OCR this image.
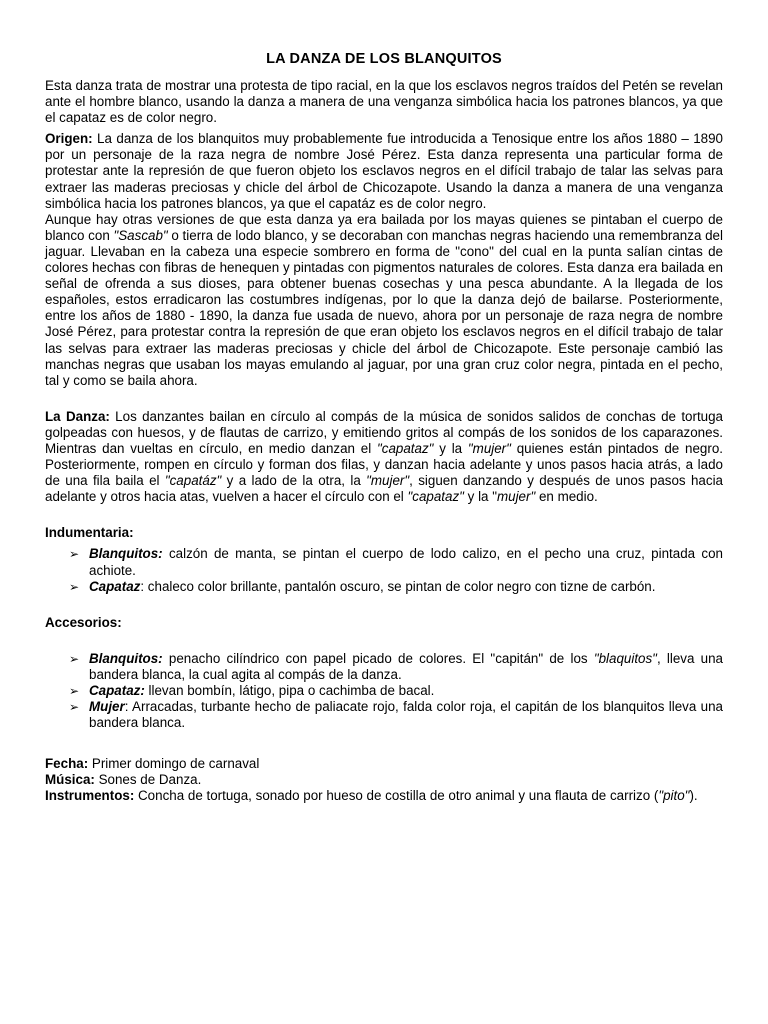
LA DANZA DE LOS BLANQUITOS

Esta danza trata de mostrar una protesta de tipo racial, en la que los esclavos negros traídos del Petén se revelan ante el hombre blanco, usando la danza a manera de una venganza simbólica hacia los patrones blancos, ya que el capataz es de color negro.

Origen: La danza de los blanquitos muy probablemente fue introducida a Tenosique entre los años 1880 – 1890 por un personaje de la raza negra de nombre José Pérez. Esta danza representa una particular forma de protestar ante la represión de que fueron objeto los esclavos negros en el difícil trabajo de talar las selvas para extraer las maderas preciosas y chicle del árbol de Chicozapote. Usando la danza a manera de una venganza simbólica hacia los patrones blancos, ya que el capatáz es de color negro.

Aunque hay otras versiones de que esta danza ya era bailada por los mayas quienes se pintaban el cuerpo de blanco con "Sascab" o tierra de lodo blanco, y se decoraban con manchas negras haciendo una remembranza del jaguar. Llevaban en la cabeza una especie sombrero en forma de "cono" del cual en la punta salían cintas de colores hechas con fibras de henequen y pintadas con pigmentos naturales de colores. Esta danza era bailada en señal de ofrenda a sus dioses, para obtener buenas cosechas y una pesca abundante. A la llegada de los españoles, estos erradicaron las costumbres indígenas, por lo que la danza dejó de bailarse. Posteriormente, entre los años de 1880 - 1890, la danza fue usada de nuevo, ahora por un personaje de raza negra de nombre José Pérez, para protestar contra la represión de que eran objeto los esclavos negros en el difícil trabajo de talar las selvas para extraer las maderas preciosas y chicle del árbol de Chicozapote. Este personaje cambió las manchas negras que usaban los mayas emulando al jaguar, por una gran cruz color negra, pintada en el pecho, tal y como se baila ahora.

La Danza: Los danzantes bailan en círculo al compás de la música de sonidos salidos de conchas de tortuga golpeadas con huesos, y de flautas de carrizo, y emitiendo gritos al compás de los sonidos de los caparazones. Mientras dan vueltas en círculo, en medio danzan el "capataz" y la "mujer" quienes están pintados de negro. Posteriormente, rompen en círculo y forman dos filas, y danzan hacia adelante y unos pasos hacia atrás, a lado de una fila baila el "capatáz" y a lado de la otra, la "mujer", siguen danzando y después de unos pasos hacia adelante y otros hacia atas, vuelven a hacer el círculo con el "capataz" y la "mujer" en medio.

Indumentaria:

➢ Blanquitos: calzón de manta, se pintan el cuerpo de lodo calizo, en el pecho una cruz, pintada con achiote.
➢ Capataz: chaleco color brillante, pantalón oscuro, se pintan de color negro con tizne de carbón.

Accesorios:

➢ Blanquitos: penacho cilíndrico con papel picado de colores. El "capitán" de los "blaquitos", lleva una bandera blanca, la cual agita al compás de la danza.
➢ Capataz: llevan bombín, látigo, pipa o cachimba de bacal.
➢ Mujer: Arracadas, turbante hecho de paliacate rojo, falda color roja, el capitán de los blanquitos lleva una bandera blanca.

Fecha: Primer domingo de carnaval

Música: Sones de Danza.

Instrumentos: Concha de tortuga, sonado por hueso de costilla de otro animal y una flauta de carrizo ("pito").
